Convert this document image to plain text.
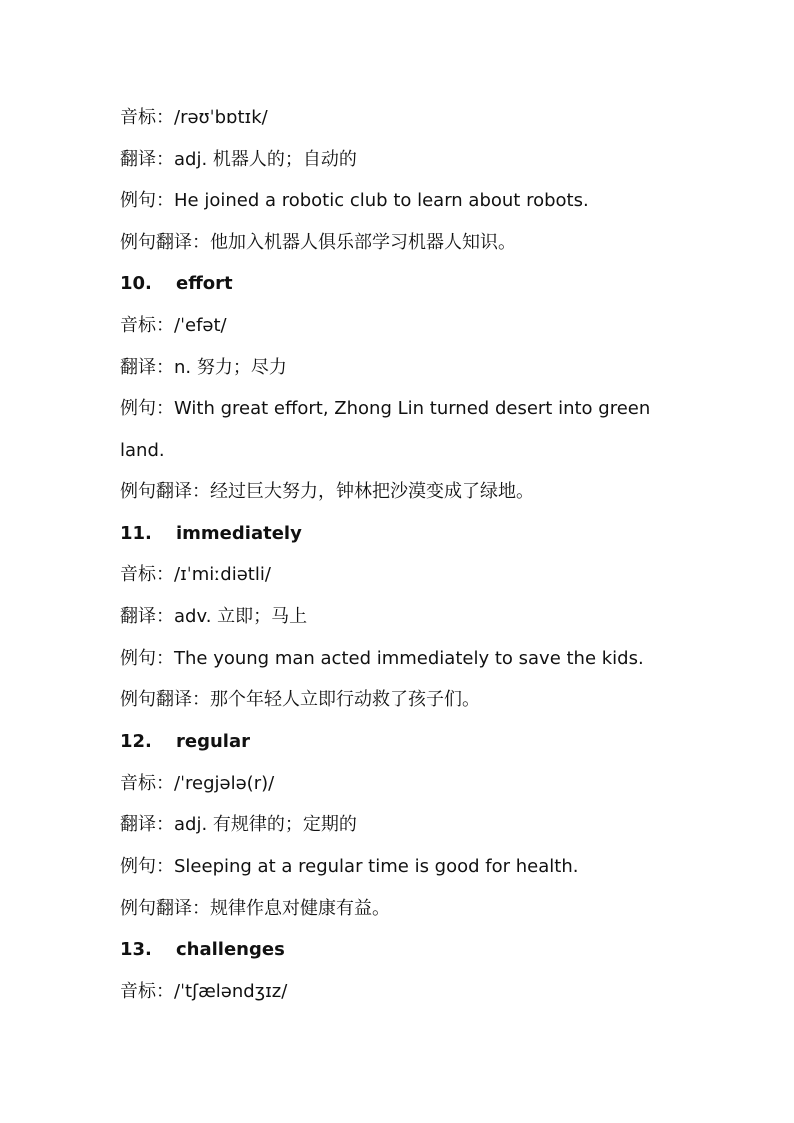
音标：/rəʊˈbɒtɪk/
翻译：adj. 机器人的；自动的
例句：He joined a robotic club to learn about robots.
例句翻译：他加入机器人俱乐部学习机器人知识。
10. effort
音标：/ˈefət/
翻译：n. 努力；尽力
例句：With great effort, Zhong Lin turned desert into green
land.
例句翻译：经过巨大努力，钟林把沙漠变成了绿地。
11. immediately
音标：/ɪˈmiːdiətli/
翻译：adv. 立即；马上
例句：The young man acted immediately to save the kids.
例句翻译：那个年轻人立即行动救了孩子们。
12. regular
音标：/ˈregjələ(r)/
翻译：adj. 有规律的；定期的
例句：Sleeping at a regular time is good for health.
例句翻译：规律作息对健康有益。
13. challenges
音标：/ˈtʃæləndʒɪz/
